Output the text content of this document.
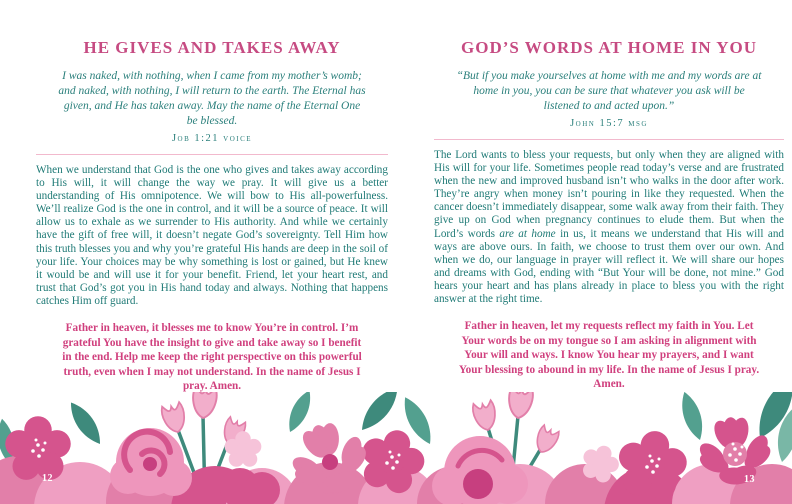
HE GIVES AND TAKES AWAY
I was naked, with nothing, when I came from my mother’s womb; and naked, with nothing, I will return to the earth. The Eternal has given, and He has taken away. May the name of the Eternal One be blessed.
Job 1:21 voice
When we understand that God is the one who gives and takes away according to His will, it will change the way we pray. It will give us a better understanding of His omnipotence. We will bow to His all-powerfulness. We’ll realize God is the one in control, and it will be a source of peace. It will allow us to exhale as we surrender to His authority. And while we certainly have the gift of free will, it doesn’t negate God’s sovereignty. Tell Him how this truth blesses you and why you’re grateful His hands are deep in the soil of your life. Your choices may be why something is lost or gained, but He knew it would be and will use it for your benefit. Friend, let your heart rest, and trust that God’s got you in His hand today and always. Nothing that happens catches Him off guard.
Father in heaven, it blesses me to know You’re in control. I’m grateful You have the insight to give and take away so I benefit in the end. Help me keep the right perspective on this powerful truth, even when I may not understand. In the name of Jesus I pray. Amen.
GOD’S WORDS AT HOME IN YOU
“But if you make yourselves at home with me and my words are at home in you, you can be sure that whatever you ask will be listened to and acted upon.”
John 15:7 msg
The Lord wants to bless your requests, but only when they are aligned with His will for your life. Sometimes people read today’s verse and are frustrated when the new and improved husband isn’t who walks in the door after work. They’re angry when money isn’t pouring in like they requested. When the cancer doesn’t immediately disappear, some walk away from their faith. They give up on God when pregnancy continues to elude them. But when the Lord’s words are at home in us, it means we understand that His will and ways are above ours. In faith, we choose to trust them over our own. And when we do, our language in prayer will reflect it. We will share our hopes and dreams with God, ending with “But Your will be done, not mine.” God hears your heart and has plans already in place to bless you with the right answer at the right time.
Father in heaven, let my requests reflect my faith in You. Let Your words be on my tongue so I am asking in alignment with Your will and ways. I know You hear my prayers, and I want Your blessing to abound in my life. In the name of Jesus I pray. Amen.
12	13
